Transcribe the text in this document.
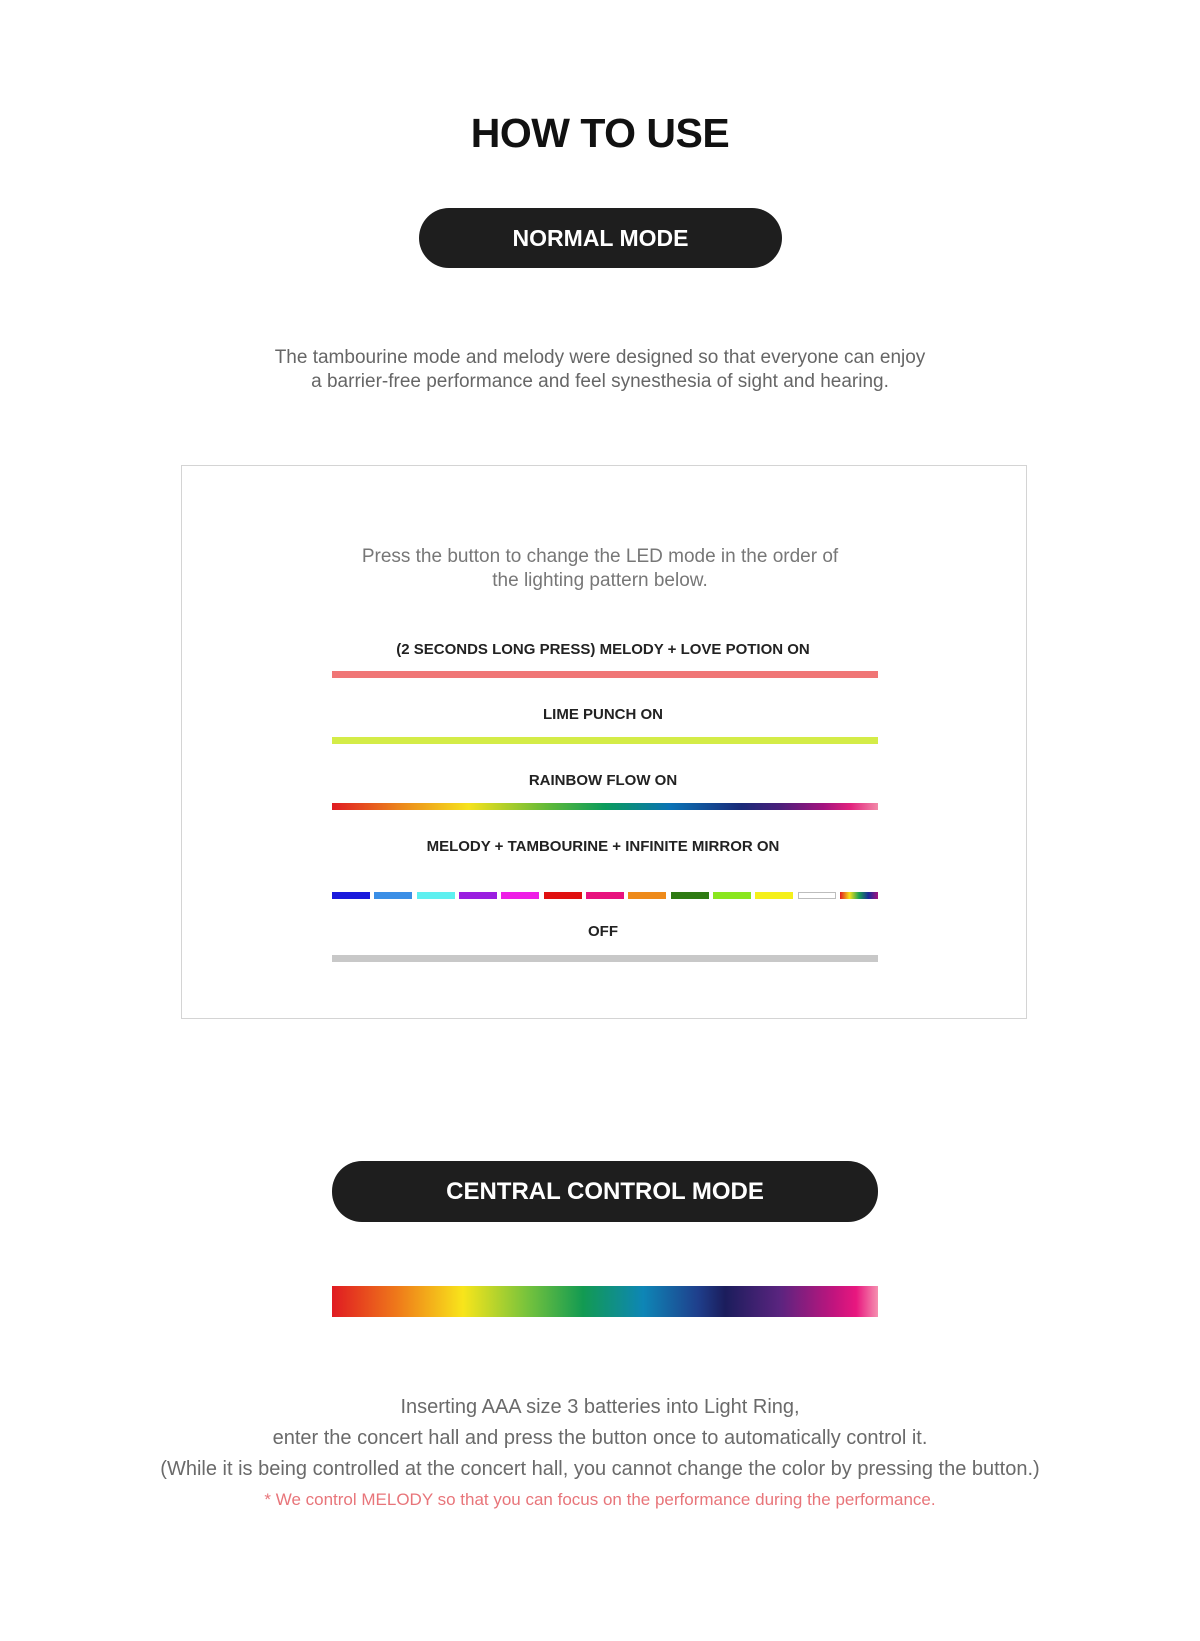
HOW TO USE
NORMAL MODE
The tambourine mode and melody were designed so that everyone can enjoy
a barrier-free performance and feel synesthesia of sight and hearing.
Press the button to change the LED mode in the order of
the lighting pattern below.
(2 SECONDS LONG PRESS) MELODY + LOVE POTION ON
LIME PUNCH ON
RAINBOW FLOW ON
MELODY + TAMBOURINE + INFINITE MIRROR ON
OFF
CENTRAL CONTROL MODE
Inserting AAA size 3 batteries into Light Ring,
enter the concert hall and press the button once to automatically control it.
(While it is being controlled at the concert hall, you cannot change the color by pressing the button.)
* We control MELODY so that you can focus on the performance during the performance.
